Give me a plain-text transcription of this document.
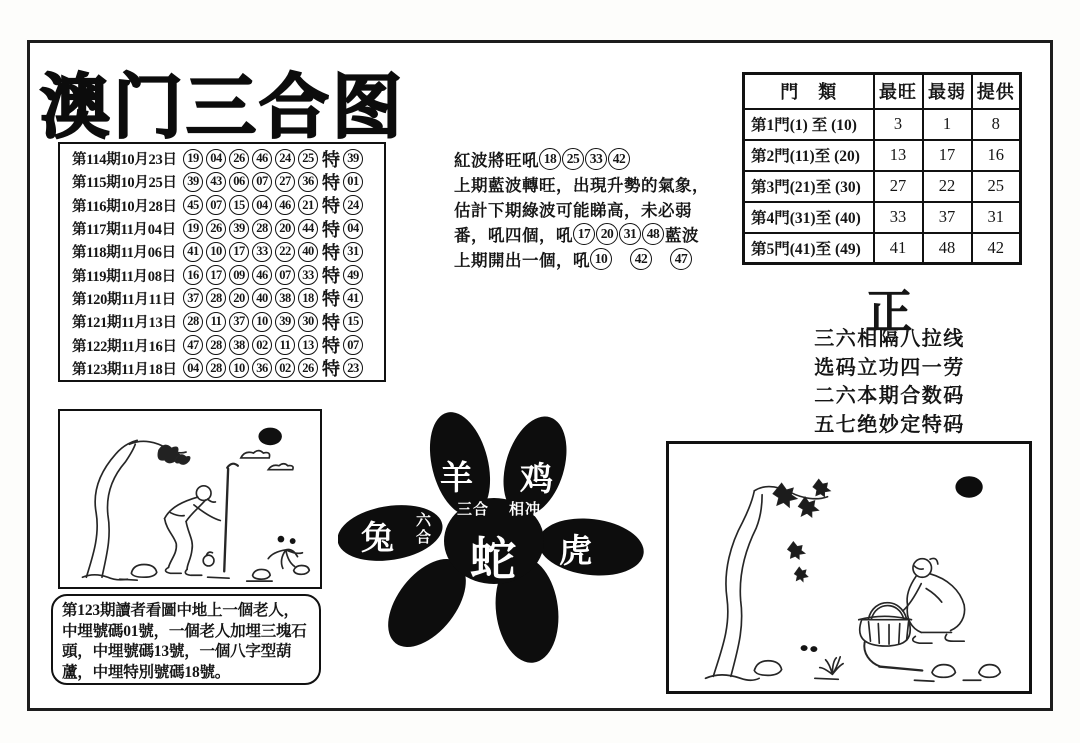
澳门三合图
第114期10月23日 19 04 26 46 24 25 特 39
第115期10月25日 39 43 06 07 27 36 特 01
第116期10月28日 45 07 15 04 46 21 特 24
第117期11月04日 19 26 39 28 20 44 特 04
第118期11月06日 41 10 17 33 22 40 特 31
第119期11月08日 16 17 09 46 07 33 特 49
第120期11月11日 37 28 20 40 38 18 特 41
第121期11月13日 28 11 37 10 39 30 特 15
第122期11月16日 47 28 38 02 11 13 特 07
第123期11月18日 04 28 10 36 02 26 特 23
紅波將旺吼 18 25 33 42
上期藍波轉旺，出現升勢的氣象，
估計下期綠波可能睇高，未必弱
番，吼四個，吼 17 20 31 48 藍波
上期開出一個，吼 10
　	42
　	47
門　類	最旺	最弱	提供
第1門(1) 至 (10)	3	1	8
第2門(11)至 (20)	13	17	16
第3門(21)至 (30)	27	22	25
第4門(31)至 (40)	33	37	31
第5門(41)至 (49)	41	48	42
正
三六相隔八拉线
选码立功四一劳
二六本期合数码
五七绝妙定特码
第123期讀者看圖中地上一個老人，中埋號碼01號，一個老人加埋三塊石頭，中埋號碼13號，一個八字型葫蘆，中埋特別號碼18號。
羊 鸡
三合 相冲
兔 六合
蛇 虎
